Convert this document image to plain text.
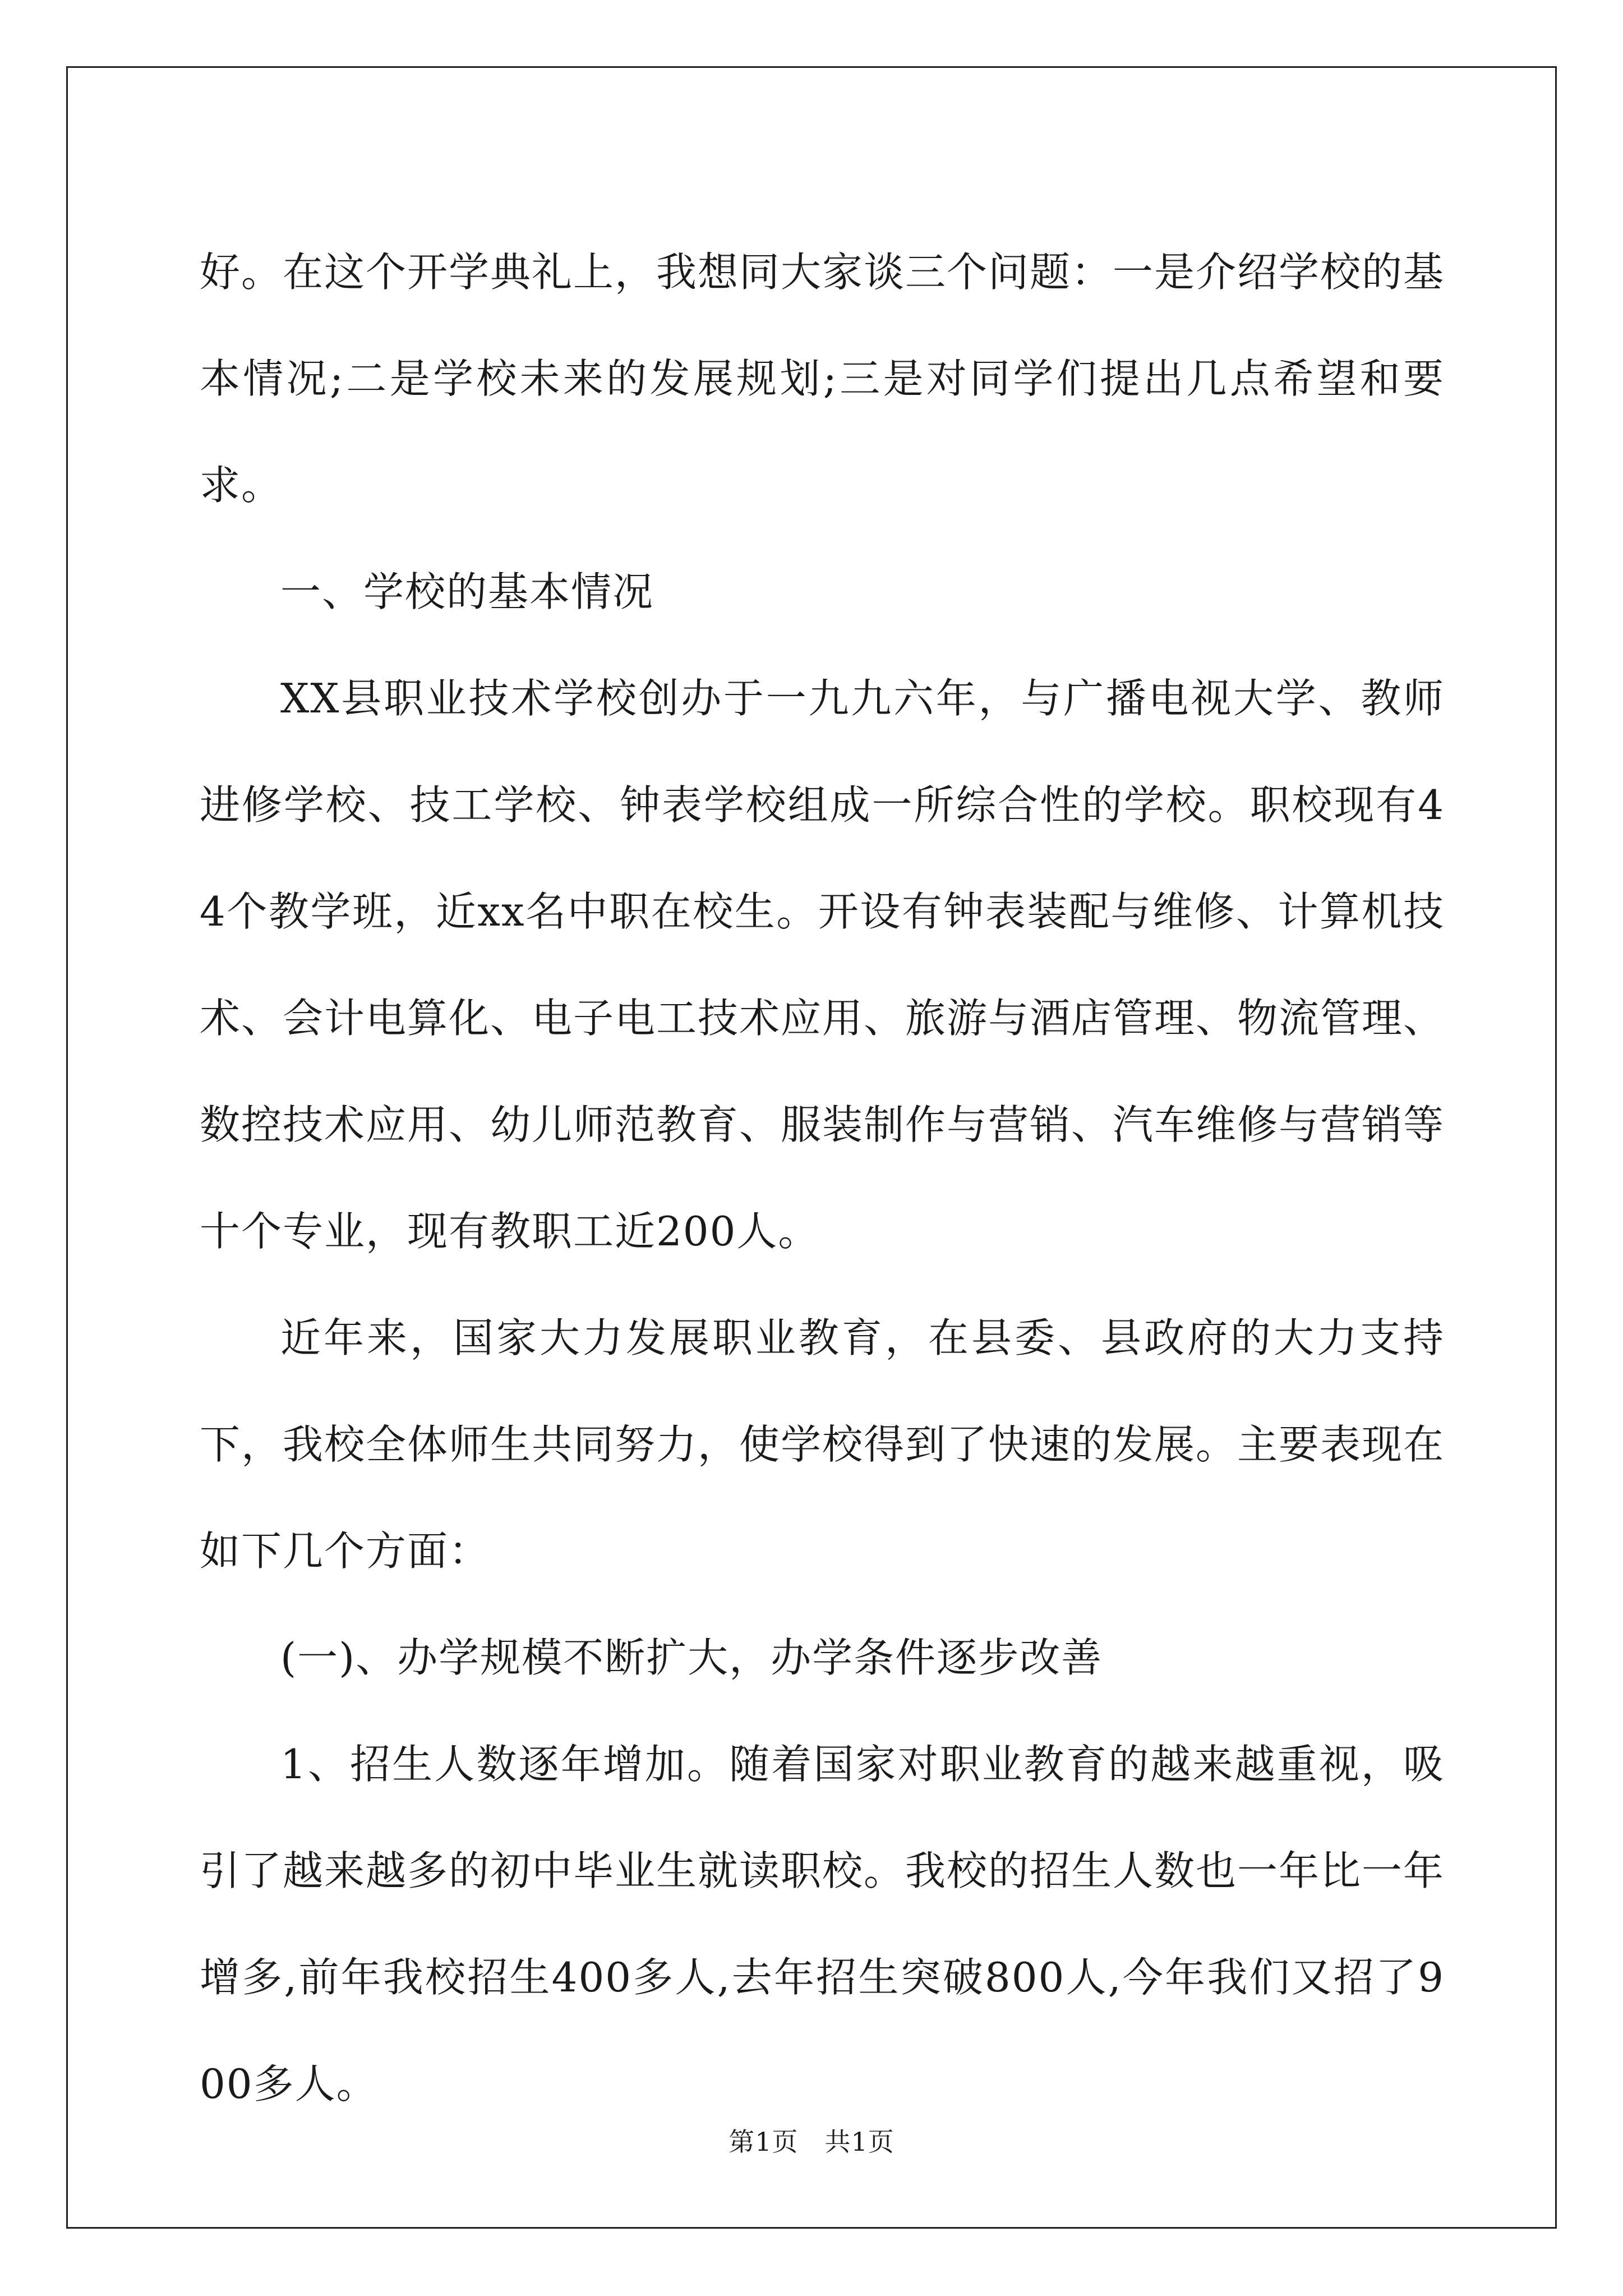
好。在这个开学典礼上，我想同大家谈三个问题：一是介绍学校的基本情况;二是学校未来的发展规划;三是对同学们提出几点希望和要求。

一、学校的基本情况

XX县职业技术学校创办于一九九六年，与广播电视大学、教师进修学校、技工学校、钟表学校组成一所综合性的学校。职校现有44个教学班，近xx名中职在校生。开设有钟表装配与维修、计算机技术、会计电算化、电子电工技术应用、旅游与酒店管理、物流管理、数控技术应用、幼儿师范教育、服装制作与营销、汽车维修与营销等十个专业，现有教职工近200人。

近年来，国家大力发展职业教育，在县委、县政府的大力支持下，我校全体师生共同努力，使学校得到了快速的发展。主要表现在如下几个方面：

(一)、办学规模不断扩大，办学条件逐步改善

1、招生人数逐年增加。随着国家对职业教育的越来越重视，吸引了越来越多的初中毕业生就读职校。我校的招生人数也一年比一年增多,前年我校招生400多人,去年招生突破800人,今年我们又招了900多人。

第1页 共1页
